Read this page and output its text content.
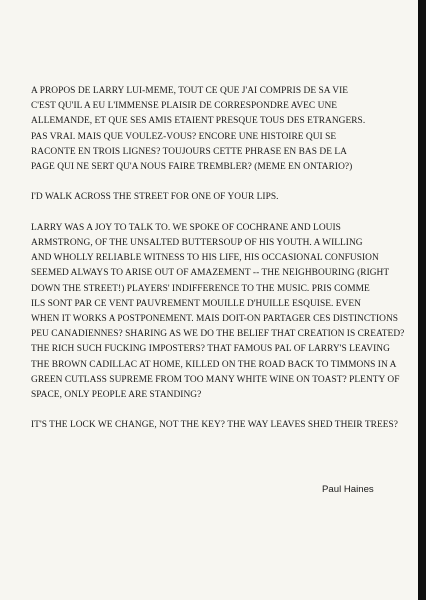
A PROPOS DE LARRY LUI-MEME, TOUT CE QUE J'AI COMPRIS DE SA VIE
C'EST QU'IL A EU L'IMMENSE PLAISIR DE CORRESPONDRE AVEC UNE
ALLEMANDE, ET QUE SES AMIS ETAIENT PRESQUE TOUS DES ETRANGERS.
PAS VRAI. MAIS QUE VOULEZ-VOUS? ENCORE UNE HISTOIRE QUI SE
RACONTE EN TROIS LIGNES? TOUJOURS CETTE PHRASE EN BAS DE LA
PAGE QUI NE SERT QU'A NOUS FAIRE TREMBLER? (MEME EN ONTARIO?)

I'D WALK ACROSS THE STREET FOR ONE OF YOUR LIPS.

LARRY WAS A JOY TO TALK TO. WE SPOKE OF COCHRANE AND LOUIS
ARMSTRONG, OF THE UNSALTED BUTTERSOUP OF HIS YOUTH. A WILLING
AND WHOLLY RELIABLE WITNESS TO HIS LIFE, HIS OCCASIONAL CONFUSION
SEEMED ALWAYS TO ARISE OUT OF AMAZEMENT -- THE NEIGHBOURING (RIGHT
DOWN THE STREET!) PLAYERS' INDIFFERENCE TO THE MUSIC. PRIS COMME
ILS SONT PAR CE VENT PAUVREMENT MOUILLE D'HUILLE ESQUISE. EVEN
WHEN IT WORKS A POSTPONEMENT. MAIS DOIT-ON PARTAGER CES DISTINCTIONS
PEU CANADIENNES? SHARING AS WE DO THE BELIEF THAT CREATION IS CREATED?
THE RICH SUCH FUCKING IMPOSTERS? THAT FAMOUS PAL OF LARRY'S LEAVING
THE BROWN CADILLAC AT HOME, KILLED ON THE ROAD BACK TO TIMMONS IN A
GREEN CUTLASS SUPREME FROM TOO MANY WHITE WINE ON TOAST? PLENTY OF
SPACE, ONLY PEOPLE ARE STANDING?

IT'S THE LOCK WE CHANGE, NOT THE KEY? THE WAY LEAVES SHED THEIR TREES?

Paul Haines
